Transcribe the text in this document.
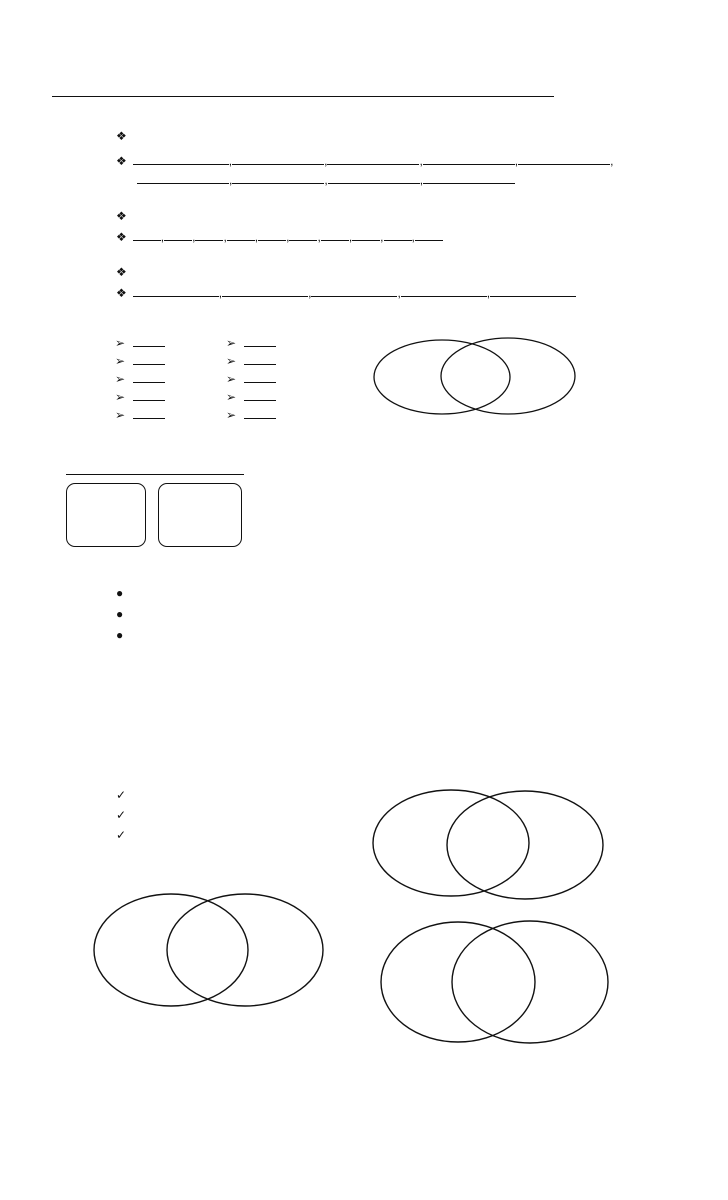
❖
❖	,	,	,	,	,
,	,	,
❖
❖	, , , , , , , , ,
❖
❖	,	,	,	,

➢
➢
➢
➢
➢
➢
➢
➢
➢
➢

●
●
●

✓
✓
✓
